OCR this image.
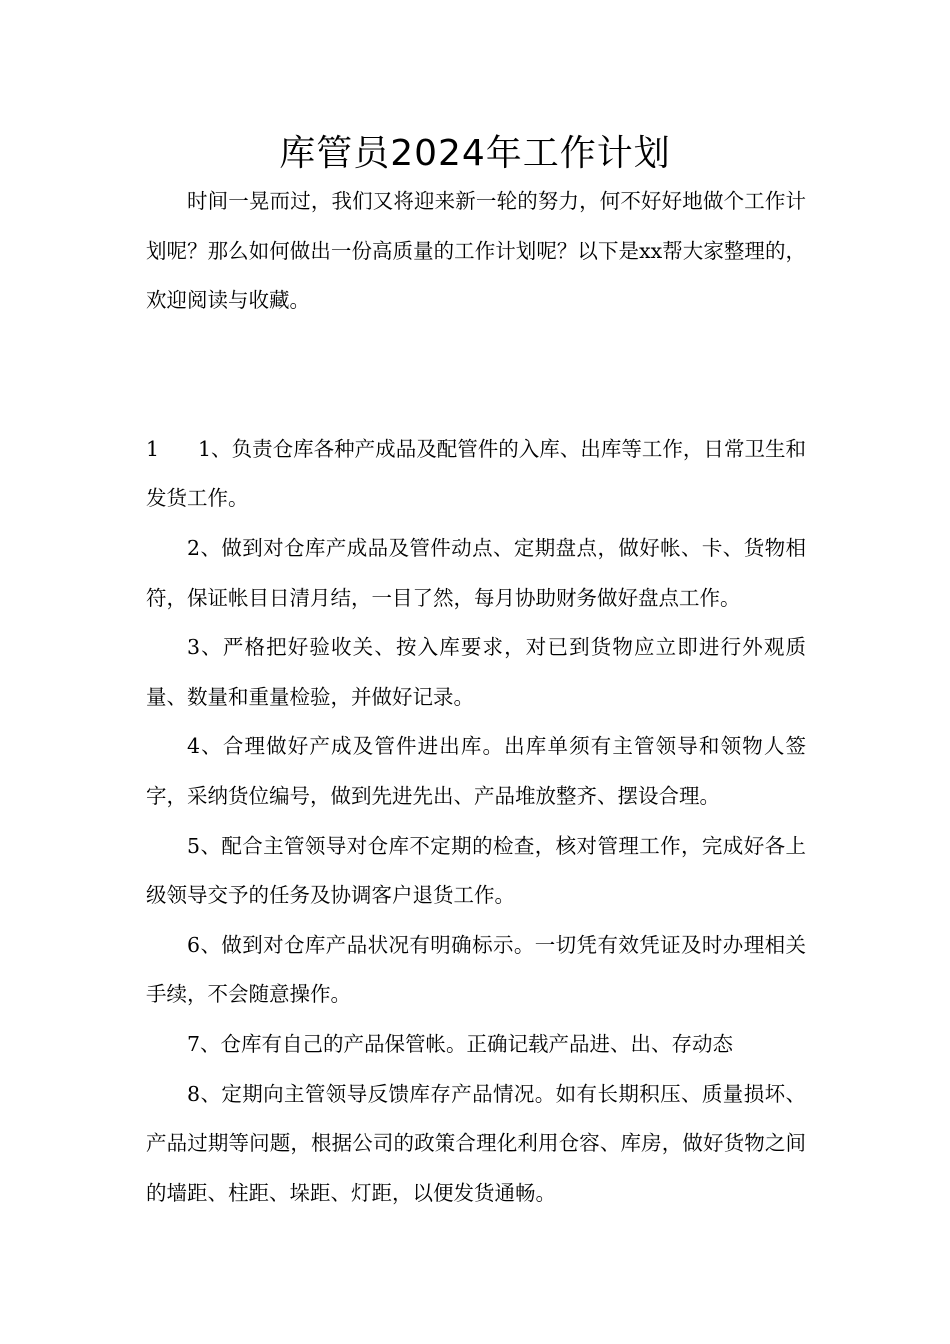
库管员2024年工作计划

时间一晃而过，我们又将迎来新一轮的努力，何不好好地做个工作计划呢？那么如何做出一份高质量的工作计划呢？以下是xx帮大家整理的，欢迎阅读与收藏。

1 1、负责仓库各种产成品及配管件的入库、出库等工作，日常卫生和发货工作。

2、做到对仓库产成品及管件动点、定期盘点，做好帐、卡、货物相符，保证帐目日清月结，一目了然，每月协助财务做好盘点工作。

3、严格把好验收关、按入库要求，对已到货物应立即进行外观质量、数量和重量检验，并做好记录。

4、合理做好产成及管件进出库。出库单须有主管领导和领物人签字，采纳货位编号，做到先进先出、产品堆放整齐、摆设合理。

5、配合主管领导对仓库不定期的检查，核对管理工作，完成好各上级领导交予的任务及协调客户退货工作。

6、做到对仓库产品状况有明确标示。一切凭有效凭证及时办理相关手续，不会随意操作。

7、仓库有自己的产品保管帐。正确记载产品进、出、存动态

8、定期向主管领导反馈库存产品情况。如有长期积压、质量损坏、产品过期等问题，根据公司的政策合理化利用仓容、库房，做好货物之间的墙距、柱距、垛距、灯距，以便发货通畅。
